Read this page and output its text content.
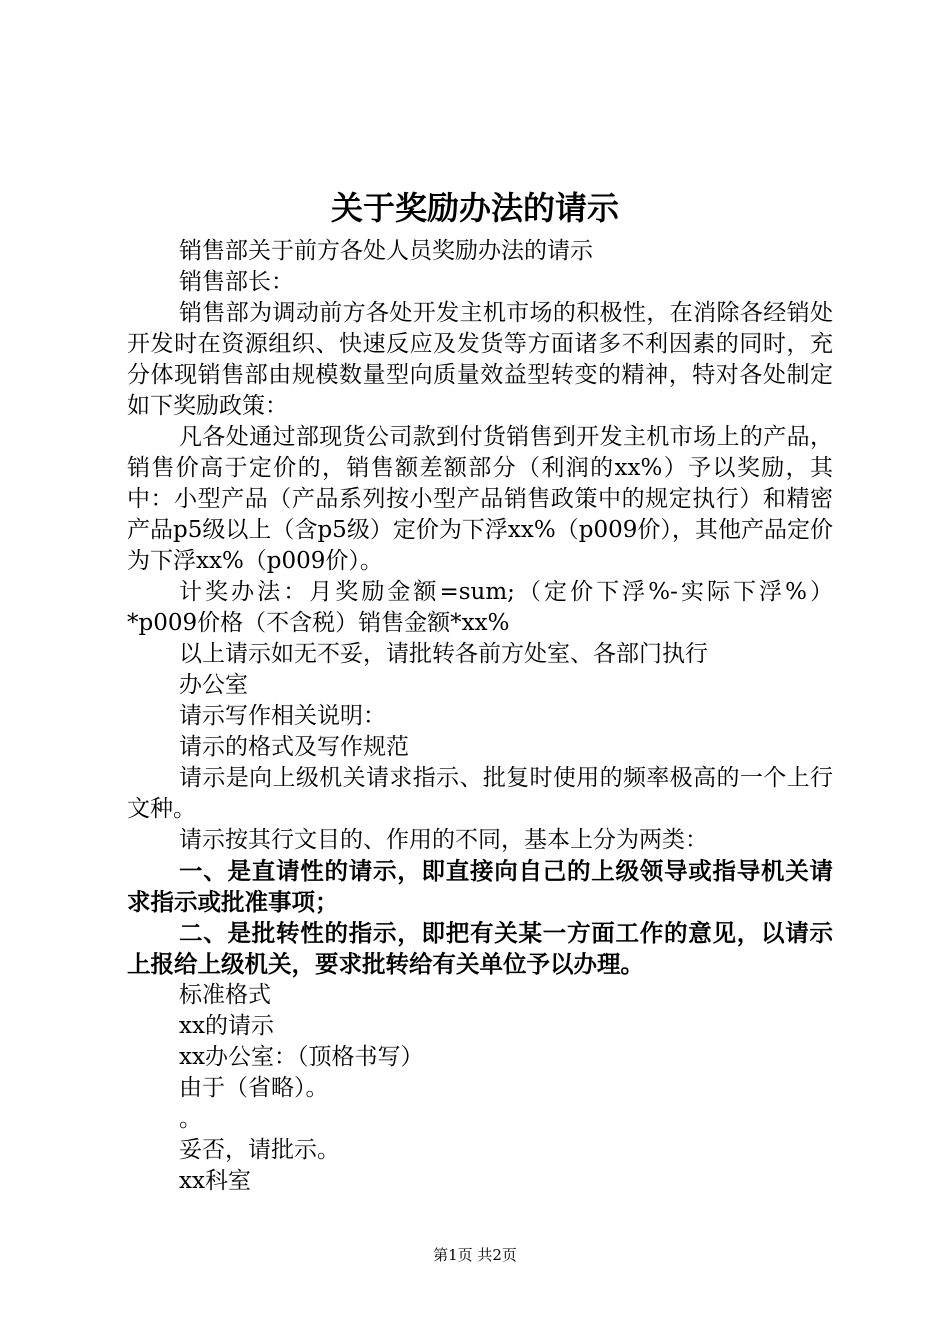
关于奖励办法的请示

销售部关于前方各处人员奖励办法的请示

销售部长：

销售部为调动前方各处开发主机市场的积极性，在消除各经销处开发时在资源组织、快速反应及发货等方面诸多不利因素的同时，充分体现销售部由规模数量型向质量效益型转变的精神，特对各处制定如下奖励政策：

凡各处通过部现货公司款到付货销售到开发主机市场上的产品，销售价高于定价的，销售额差额部分（利润的xx%）予以奖励，其中：小型产品（产品系列按小型产品销售政策中的规定执行）和精密产品p5级以上（含p5级）定价为下浮xx%（p009价），其他产品定价为下浮xx%（p009价）。

计奖办法：月奖励金额=sum;（定价下浮%-实际下浮%）*p009价格（不含税）销售金额*xx%

以上请示如无不妥，请批转各前方处室、各部门执行

办公室

请示写作相关说明：

请示的格式及写作规范

请示是向上级机关请求指示、批复时使用的频率极高的一个上行文种。

请示按其行文目的、作用的不同，基本上分为两类：

一、是直请性的请示，即直接向自己的上级领导或指导机关请求指示或批准事项；

二、是批转性的指示，即把有关某一方面工作的意见，以请示上报给上级机关，要求批转给有关单位予以办理。

标准格式

xx的请示

xx办公室：（顶格书写）

由于（省略）。

。

妥否，请批示。

xx科室

第1页 共2页
